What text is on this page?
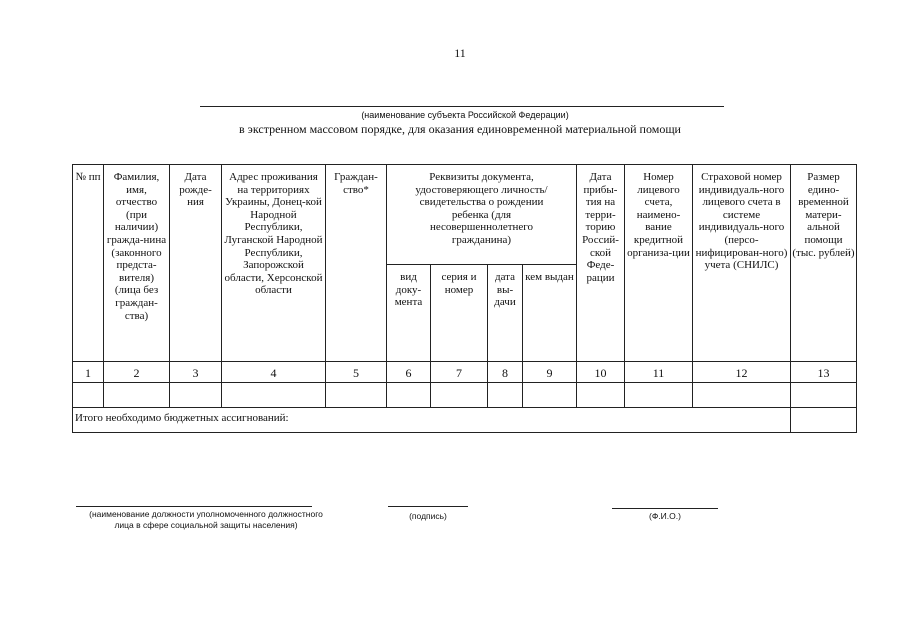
11
(наименование субъекта Российской Федерации)
в экстренном массовом порядке, для оказания единовременной материальной помощи
№ пп	Фамилия, имя, отчество (при наличии) гражда-нина (законного предста-вителя) (лица без граждан-ства)	Дата рожде-ния	Адрес проживания на территориях Украины, Донец-кой Народной Республики, Луганской Народной Республики, Запорожской области, Херсонской области	Граждан-ство*	Реквизиты документа, удостоверяющего личность/свидетельства о рождении ребенка (для несовершеннолетнего гражданина)				Дата прибы-тия на терри-торию Россий-ской Феде-рации	Номер лицевого счета, наимено-вание кредитной организа-ции	Страховой номер индивидуаль-ного лицевого счета в системе индивидуаль-ного (персо-нифицирован-ного) учета (СНИЛС)	Размер едино-временной матери-альной помощи (тыс. рублей)
					вид доку-мента	серия и номер	дата вы-дачи	кем выдан				
1	2	3	4	5	6	7	8	9	10	11	12	13

Итого необходимо бюджетных ассигнований:												
(наименование должности уполномоченного должностного лица в сфере социальной защиты населения)
(подпись)	(Ф.И.О.)
